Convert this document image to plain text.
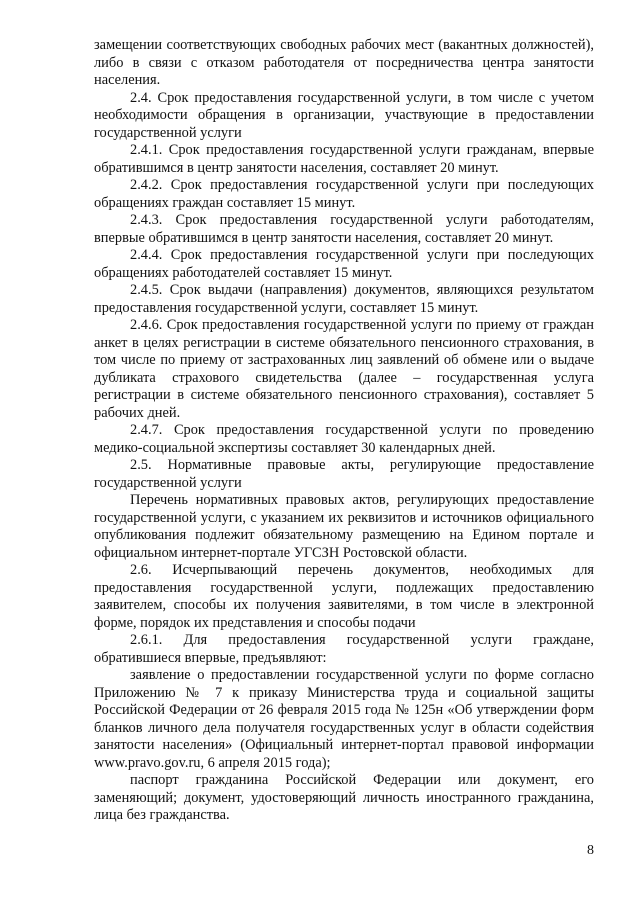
замещении соответствующих свободных рабочих мест (вакантных должностей), либо в связи с отказом работодателя от посредничества центра занятости населения.

2.4. Срок предоставления государственной услуги, в том числе с учетом необходимости обращения в организации, участвующие в предоставлении государственной услуги

2.4.1. Срок предоставления государственной услуги гражданам, впервые обратившимся в центр занятости населения, составляет 20 минут.

2.4.2. Срок предоставления государственной услуги при последующих обращениях граждан составляет 15 минут.

2.4.3. Срок предоставления государственной услуги работодателям, впервые обратившимся в центр занятости населения, составляет 20 минут.

2.4.4. Срок предоставления государственной услуги при последующих обращениях работодателей составляет 15 минут.

2.4.5. Срок выдачи (направления) документов, являющихся результатом предоставления государственной услуги, составляет 15 минут.

2.4.6. Срок предоставления государственной услуги по приему от граждан анкет в целях регистрации в системе обязательного пенсионного страхования, в том числе по приему от застрахованных лиц заявлений об обмене или о выдаче дубликата страхового свидетельства (далее – государственная услуга регистрации в системе обязательного пенсионного страхования), составляет 5 рабочих дней.

2.4.7. Срок предоставления государственной услуги по проведению медико-социальной экспертизы составляет 30 календарных дней.

2.5. Нормативные правовые акты, регулирующие предоставление государственной услуги

Перечень нормативных правовых актов, регулирующих предоставление государственной услуги, с указанием их реквизитов и источников официального опубликования подлежит обязательному размещению на Едином портале и официальном интернет-портале УГСЗН Ростовской области.

2.6. Исчерпывающий перечень документов, необходимых для предоставления государственной услуги, подлежащих предоставлению заявителем, способы их получения заявителями, в том числе в электронной форме, порядок их представления и способы подачи

2.6.1. Для предоставления государственной услуги граждане, обратившиеся впервые, предъявляют:

заявление о предоставлении государственной услуги по форме согласно Приложению № 7 к приказу Министерства труда и социальной защиты Российской Федерации от 26 февраля 2015 года № 125н «Об утверждении форм бланков личного дела получателя государственных услуг в области содействия занятости населения» (Официальный интернет-портал правовой информации www.pravo.gov.ru, 6 апреля 2015 года);

паспорт гражданина Российской Федерации или документ, его заменяющий; документ, удостоверяющий личность иностранного гражданина, лица без гражданства.

8
